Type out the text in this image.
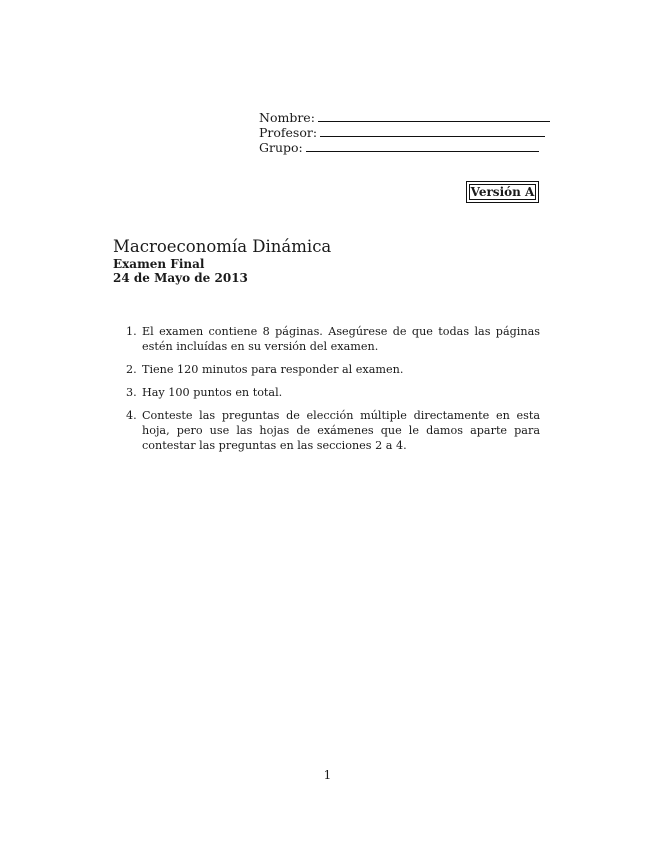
Nombre:
Profesor:
Grupo:
Versión A
Macroeconomía Dinámica
Examen Final
24 de Mayo de 2013
1. El examen contiene 8 páginas. Asegúrese de que todas las páginas estén incluídas en su versión del examen.
2. Tiene 120 minutos para responder al examen.
3. Hay 100 puntos en total.
4. Conteste las preguntas de elección múltiple directamente en esta hoja, pero use las hojas de exámenes que le damos aparte para contestar las preguntas en las secciones 2 a 4.
1
